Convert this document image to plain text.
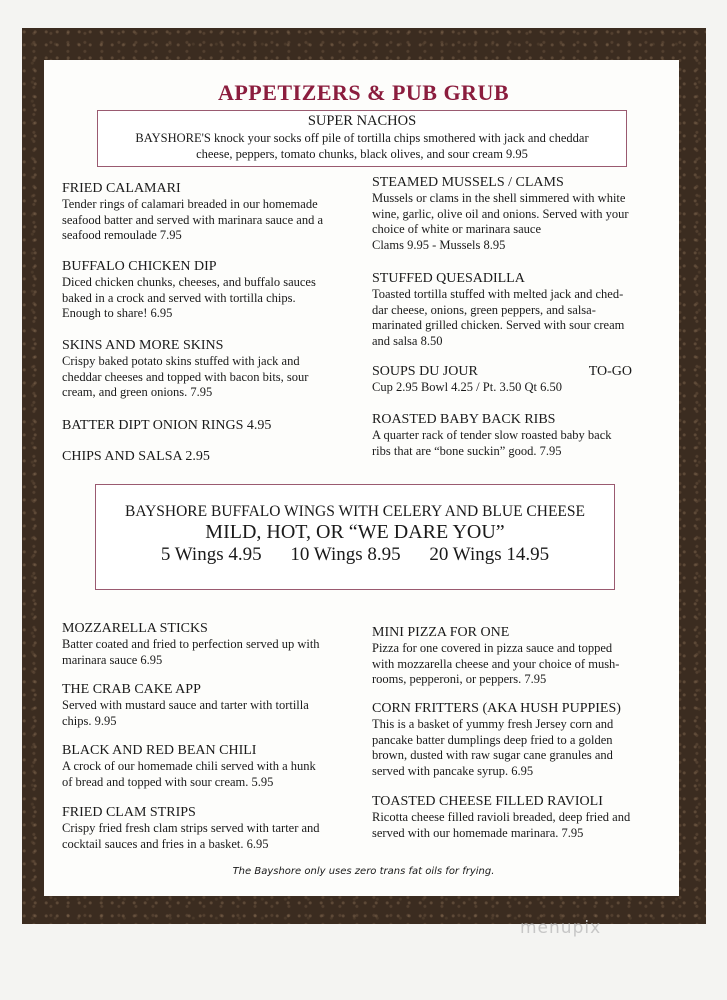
APPETIZERS & PUB GRUB
SUPER NACHOS
BAYSHORE'S knock your socks off pile of tortilla chips smothered with jack and cheddar
cheese, peppers, tomato chunks, black olives, and sour cream 9.95
FRIED CALAMARI
Tender rings of calamari breaded in our homemade
seafood batter and served with marinara sauce and a
seafood remoulade 7.95
BUFFALO CHICKEN DIP
Diced chicken chunks, cheeses, and buffalo sauces
baked in a crock and served with tortilla chips.
Enough to share! 6.95
SKINS AND MORE SKINS
Crispy baked potato skins stuffed with jack and
cheddar cheeses and topped with bacon bits, sour
cream, and green onions. 7.95
BATTER DIPT ONION RINGS 4.95
CHIPS AND SALSA 2.95
STEAMED MUSSELS / CLAMS
Mussels or clams in the shell simmered with white
wine, garlic, olive oil and onions. Served with your
choice of white or marinara sauce
Clams 9.95 - Mussels 8.95
STUFFED QUESADILLA
Toasted tortilla stuffed with melted jack and ched-
dar cheese, onions, green peppers, and salsa-
marinated grilled chicken. Served with sour cream
and salsa 8.50
SOUPS DU JOUR	TO-GO
Cup 2.95 Bowl 4.25 / Pt. 3.50 Qt 6.50
ROASTED BABY BACK RIBS
A quarter rack of tender slow roasted baby back
ribs that are “bone suckin” good. 7.95
BAYSHORE BUFFALO WINGS WITH CELERY AND BLUE CHEESE
MILD, HOT, OR “WE DARE YOU”
5 Wings 4.95 10 Wings 8.95 20 Wings 14.95
MOZZARELLA STICKS
Batter coated and fried to perfection served up with
marinara sauce 6.95
THE CRAB CAKE APP
Served with mustard sauce and tarter with tortilla
chips. 9.95
BLACK AND RED BEAN CHILI
A crock of our homemade chili served with a hunk
of bread and topped with sour cream. 5.95
FRIED CLAM STRIPS
Crispy fried fresh clam strips served with tarter and
cocktail sauces and fries in a basket. 6.95
MINI PIZZA FOR ONE
Pizza for one covered in pizza sauce and topped
with mozzarella cheese and your choice of mush-
rooms, pepperoni, or peppers. 7.95
CORN FRITTERS (AKA HUSH PUPPIES)
This is a basket of yummy fresh Jersey corn and
pancake batter dumplings deep fried to a golden
brown, dusted with raw sugar cane granules and
served with pancake syrup. 6.95
TOASTED CHEESE FILLED RAVIOLI
Ricotta cheese filled ravioli breaded, deep fried and
served with our homemade marinara. 7.95
The Bayshore only uses zero trans fat oils for frying.
menupix
